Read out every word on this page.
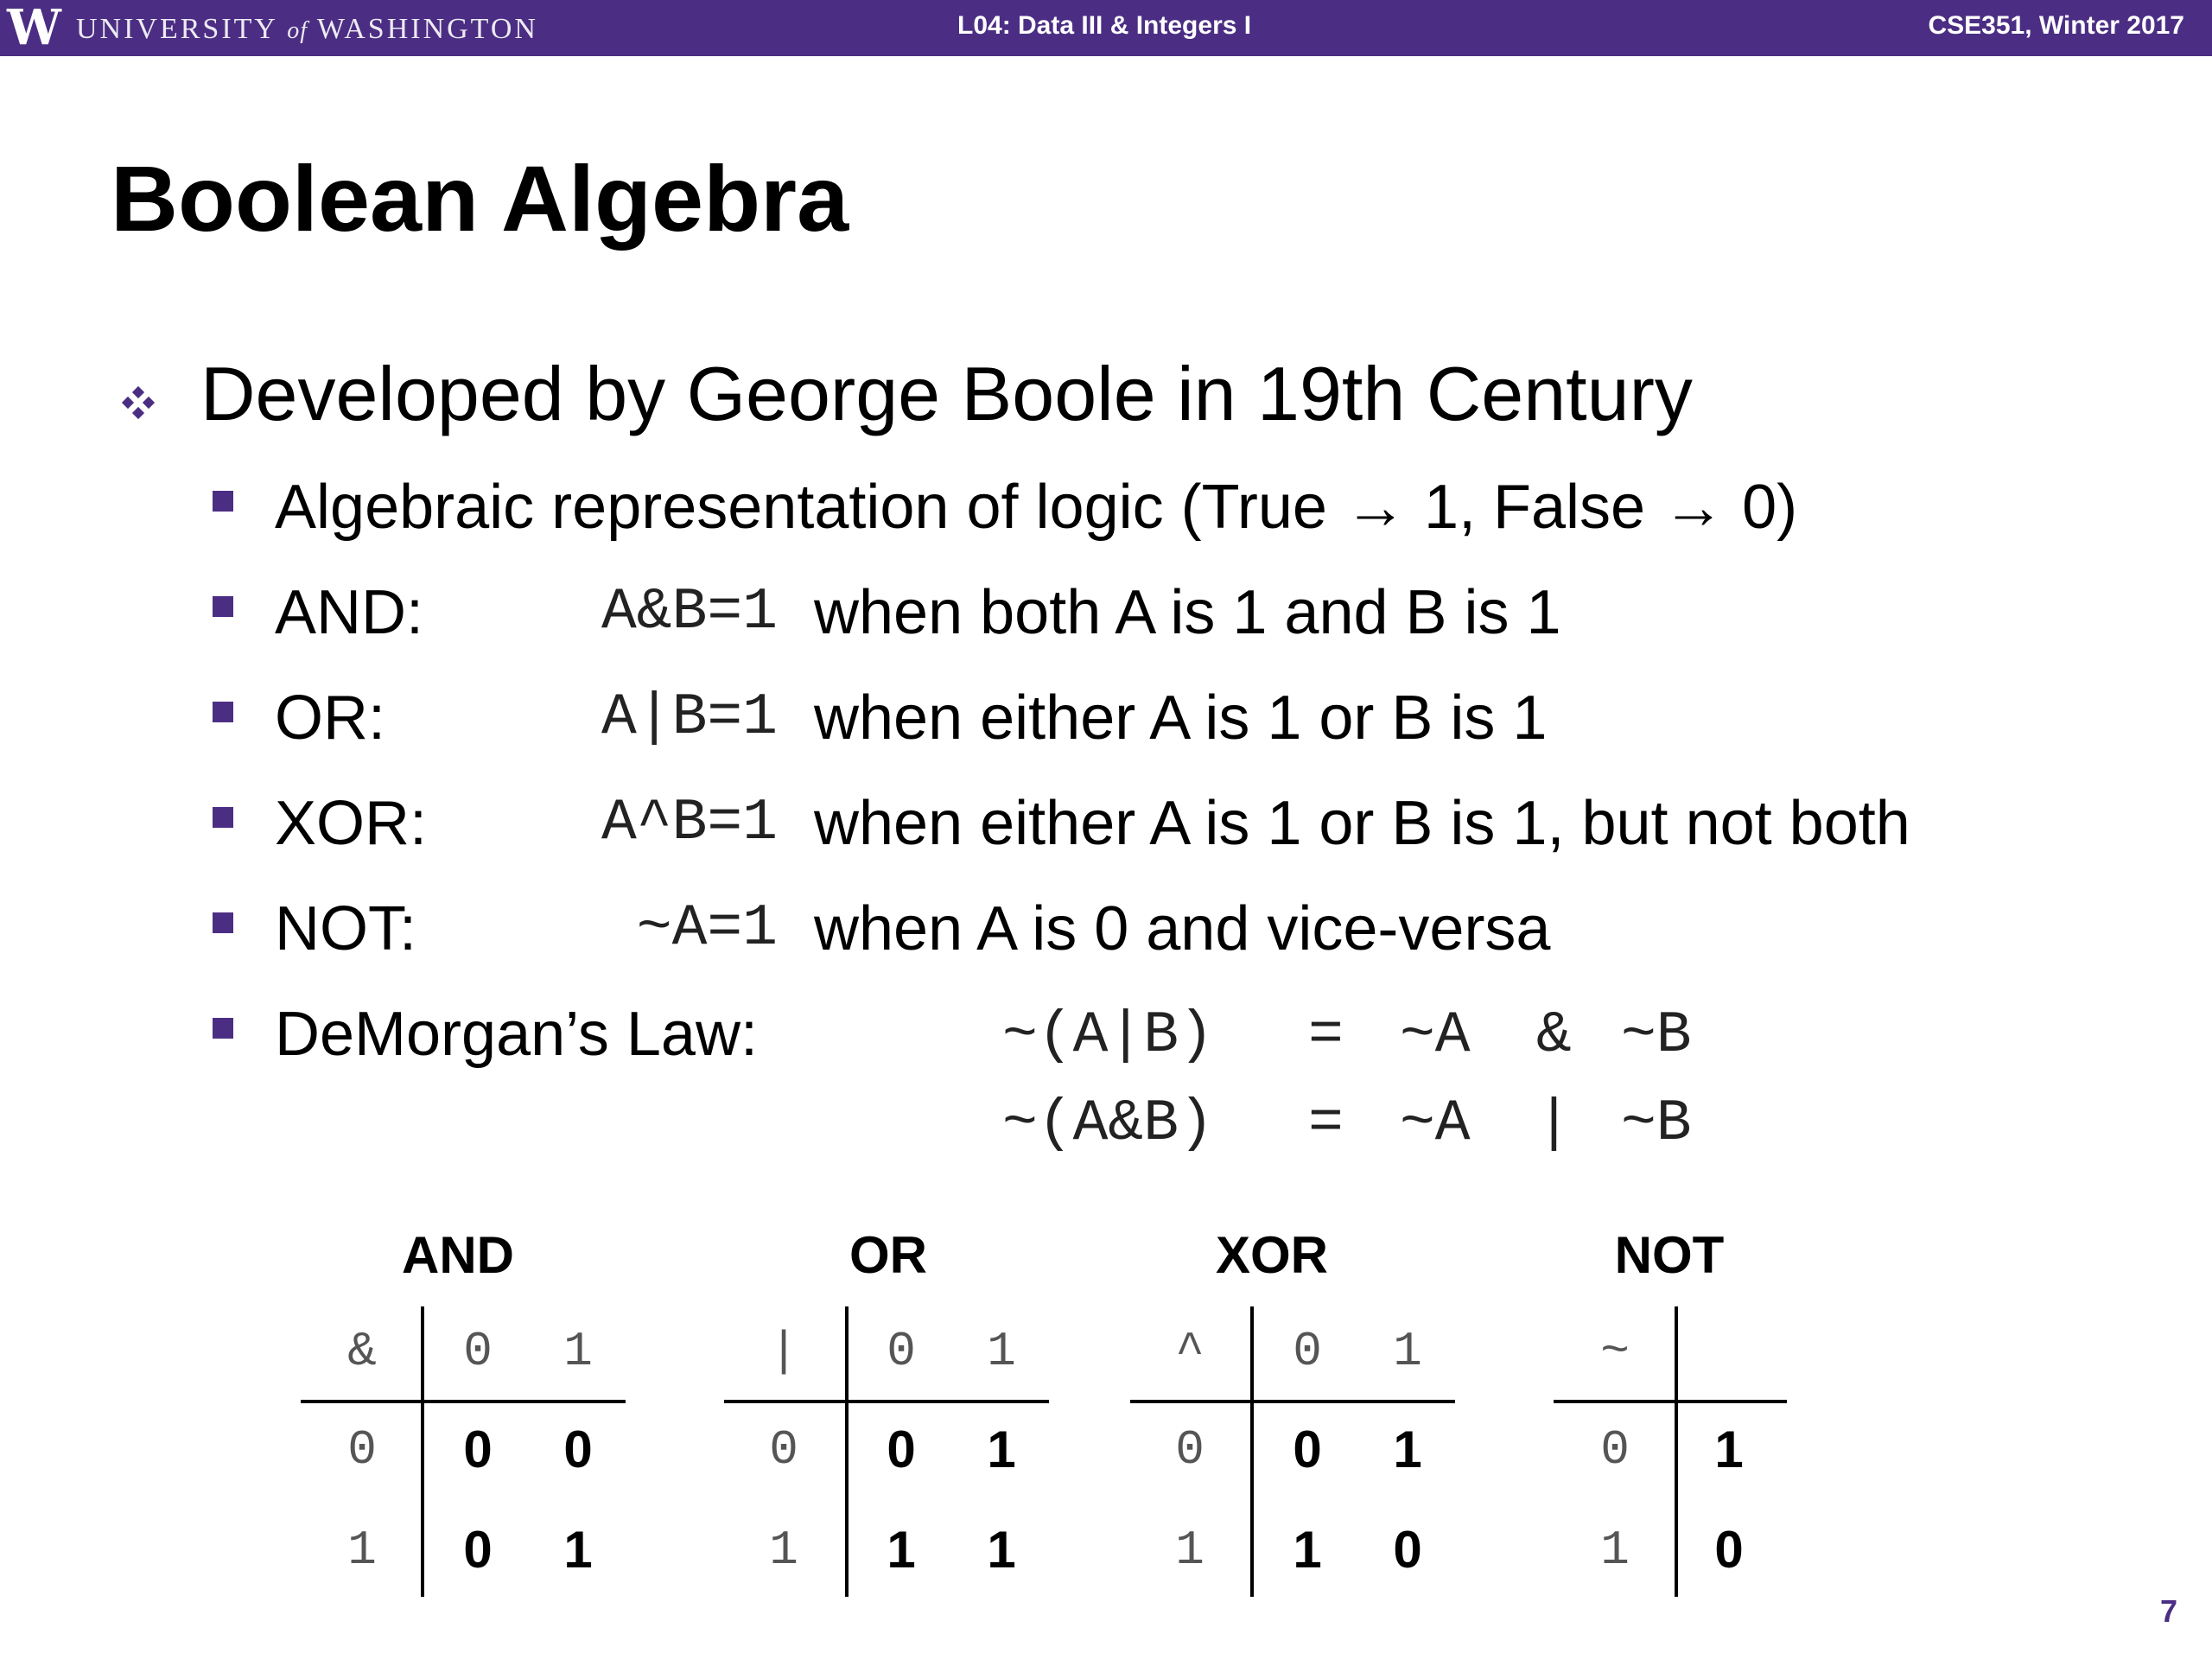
W UNIVERSITY of WASHINGTON	L04: Data III & Integers I	CSE351, Winter 2017
Boolean Algebra
Developed by George Boole in 19th Century
Algebraic representation of logic (True → 1, False → 0)
AND:	A&B=1 when both A is 1 and B is 1
OR:	A|B=1 when either A is 1 or B is 1
XOR:	A^B=1 when either A is 1 or B is 1, but not both
NOT:	~A=1 when A is 0 and vice-versa
DeMorgan’s Law:	~(A|B) = ~A & ~B
~(A&B) = ~A | ~B
AND
&	0	1
0	0	0
1	0	1
OR
|	0	1
0	0	1
1	1	1
XOR
^	0	1
0	0	1
1	1	0
NOT
~
0	1
1	0
7
